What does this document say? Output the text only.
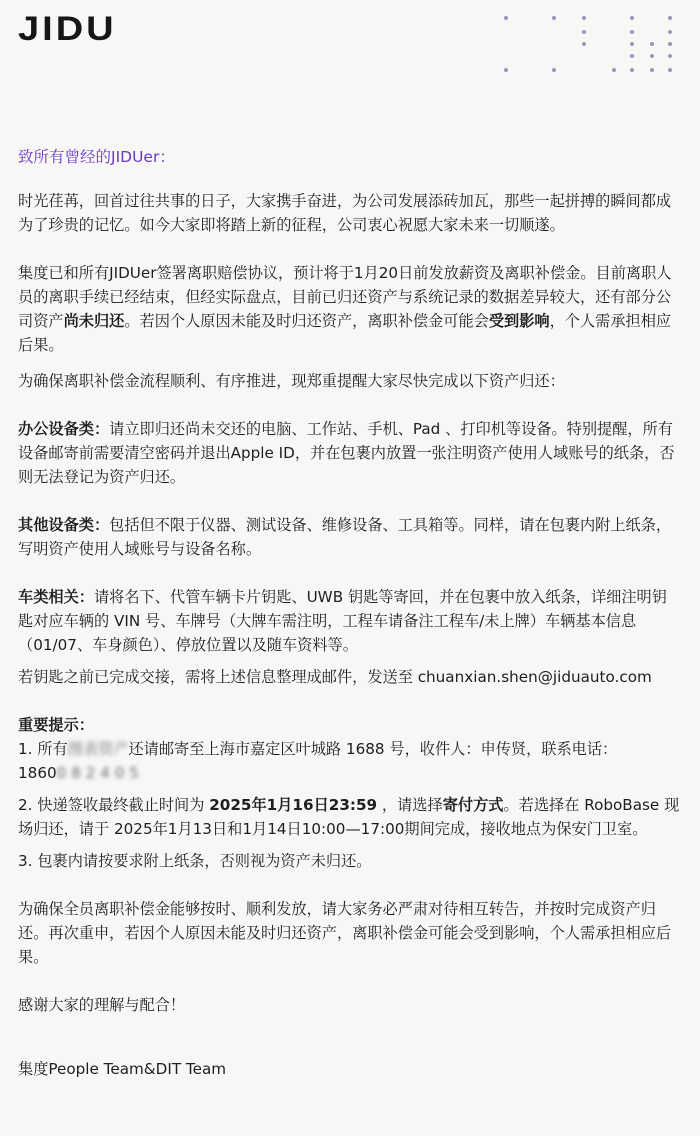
JIDU

致所有曾经的JIDUer：

时光荏苒，回首过往共事的日子，大家携手奋进，为公司发展添砖加瓦，那些一起拼搏的瞬间都成为了珍贵的记忆。如今大家即将踏上新的征程，公司衷心祝愿大家未来一切顺遂。

集度已和所有JIDUer签署离职赔偿协议，预计将于1月20日前发放薪资及离职补偿金。目前离职人员的离职手续已经结束，但经实际盘点，目前已归还资产与系统记录的数据差异较大，还有部分公司资产尚未归还。若因个人原因未能及时归还资产，离职补偿金可能会受到影响，个人需承担相应后果。

为确保离职补偿金流程顺利、有序推进，现郑重提醒大家尽快完成以下资产归还：

办公设备类：请立即归还尚未交还的电脑、工作站、手机、Pad 、打印机等设备。特别提醒，所有设备邮寄前需要清空密码并退出Apple ID，并在包裹内放置一张注明资产使用人域账号的纸条，否则无法登记为资产归还。

其他设备类：包括但不限于仪器、测试设备、维修设备、工具箱等。同样，请在包裹内附上纸条，写明资产使用人域账号与设备名称。

车类相关：请将名下、代管车辆卡片钥匙、UWB 钥匙等寄回，并在包裹中放入纸条，详细注明钥匙对应车辆的 VIN 号、车牌号（大牌车需注明，工程车请备注工程车/未上牌）车辆基本信息（01/07、车身颜色）、停放位置以及随车资料等。

若钥匙之前已完成交接，需将上述信息整理成邮件，发送至 chuanxian.shen@jiduauto.com

重要提示：

1. 所有图表资产还请邮寄至上海市嘉定区叶城路 1688 号，收件人：申传贤，联系电话：
18600 8 2 4 0 5

2. 快递签收最终截止时间为 2025年1月16日23:59 ，请选择寄付方式。若选择在 RoboBase 现场归还，请于 2025年1月13日和1月14日10:00—17:00期间完成，接收地点为保安门卫室。

3. 包裹内请按要求附上纸条，否则视为资产未归还。

为确保全员离职补偿金能够按时、顺利发放，请大家务必严肃对待相互转告，并按时完成资产归还。再次重申，若因个人原因未能及时归还资产，离职补偿金可能会受到影响，个人需承担相应后果。

感谢大家的理解与配合！

集度People Team&DIT Team
